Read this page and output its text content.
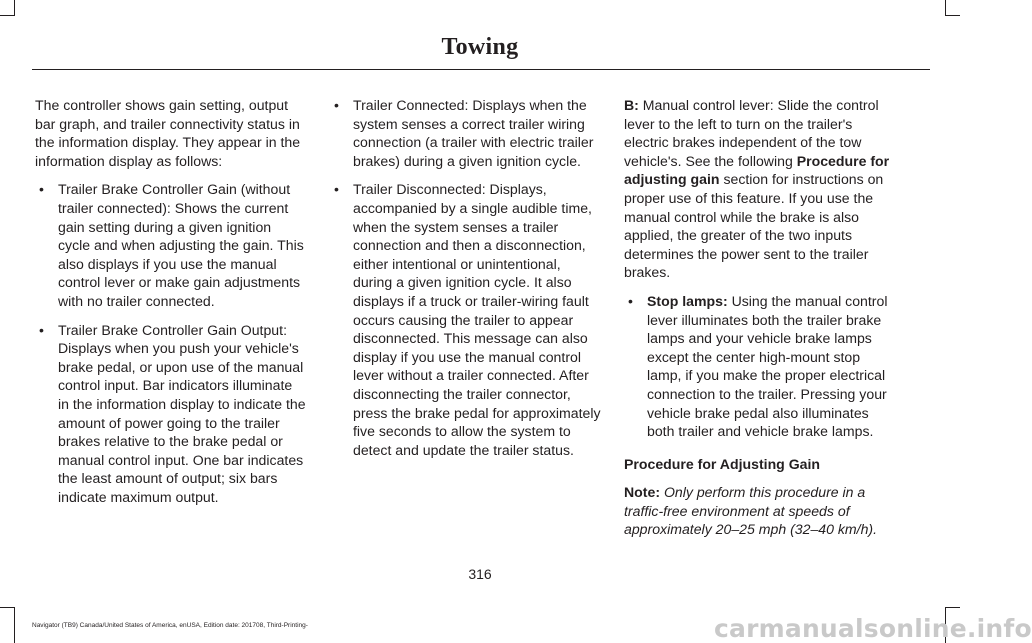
Towing

The controller shows gain setting, output bar graph, and trailer connectivity status in the information display. They appear in the information display as follows:

• Trailer Brake Controller Gain (without trailer connected): Shows the current gain setting during a given ignition cycle and when adjusting the gain. This also displays if you use the manual control lever or make gain adjustments with no trailer connected.
• Trailer Brake Controller Gain Output: Displays when you push your vehicle's brake pedal, or upon use of the manual control input. Bar indicators illuminate in the information display to indicate the amount of power going to the trailer brakes relative to the brake pedal or manual control input. One bar indicates the least amount of output; six bars indicate maximum output.
• Trailer Connected: Displays when the system senses a correct trailer wiring connection (a trailer with electric trailer brakes) during a given ignition cycle.
• Trailer Disconnected: Displays, accompanied by a single audible time, when the system senses a trailer connection and then a disconnection, either intentional or unintentional, during a given ignition cycle. It also displays if a truck or trailer-wiring fault occurs causing the trailer to appear disconnected. This message can also display if you use the manual control lever without a trailer connected. After disconnecting the trailer connector, press the brake pedal for approximately five seconds to allow the system to detect and update the trailer status.

B: Manual control lever: Slide the control lever to the left to turn on the trailer's electric brakes independent of the tow vehicle's. See the following Procedure for adjusting gain section for instructions on proper use of this feature. If you use the manual control while the brake is also applied, the greater of the two inputs determines the power sent to the trailer brakes.

• Stop lamps: Using the manual control lever illuminates both the trailer brake lamps and your vehicle brake lamps except the center high-mount stop lamp, if you make the proper electrical connection to the trailer. Pressing your vehicle brake pedal also illuminates both trailer and vehicle brake lamps.

Procedure for Adjusting Gain

Note: Only perform this procedure in a traffic-free environment at speeds of approximately 20–25 mph (32–40 km/h).

316
Navigator (TB9) Canada/United States of America, enUSA, Edition date: 201708, Third-Printing-	carmanualsonline.info
